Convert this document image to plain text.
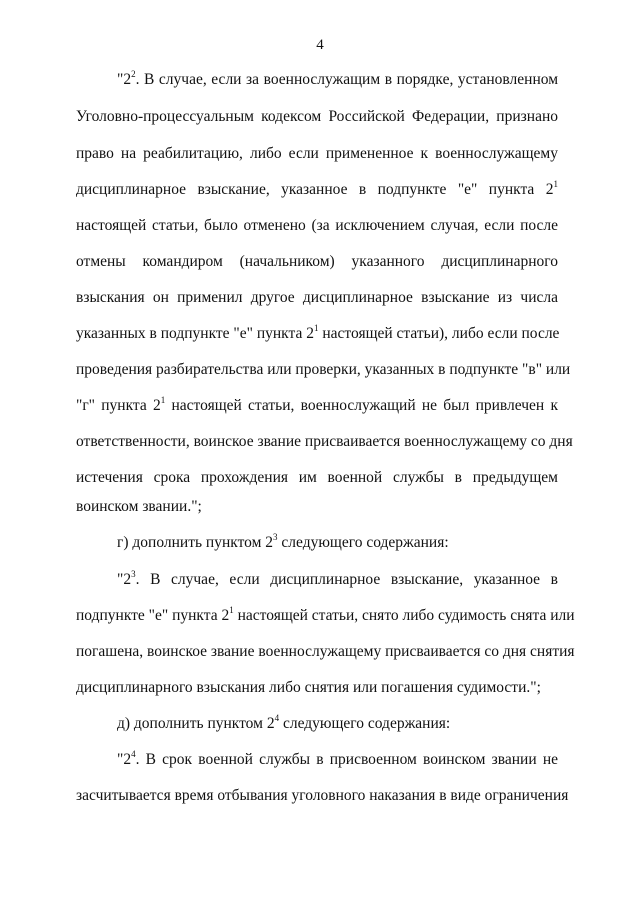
4
"$2^2$. В случае, если за военнослужащим в порядке, установленном
Уголовно-процессуальным кодексом Российской Федерации, признано
право на реабилитацию, либо если примененное к военнослужащему
дисциплинарное взыскание, указанное в подпункте "е" пункта $2^1$
настоящей статьи, было отменено (за исключением случая, если после
отмены командиром (начальником) указанного дисциплинарного
взыскания он применил другое дисциплинарное взыскание из числа
указанных в подпункте "е" пункта $2^1$ настоящей статьи), либо если после
проведения разбирательства или проверки, указанных в подпункте "в" или
"г" пункта $2^1$ настоящей статьи, военнослужащий не был привлечен к
ответственности, воинское звание присваивается военнослужащему со дня
истечения срока прохождения им военной службы в предыдущем
воинском звании.";
г) дополнить пунктом $2^3$ следующего содержания:
"$2^3$. В случае, если дисциплинарное взыскание, указанное в
подпункте "е" пункта $2^1$ настоящей статьи, снято либо судимость снята или
погашена, воинское звание военнослужащему присваивается со дня снятия
дисциплинарного взыскания либо снятия или погашения судимости.";
д) дополнить пунктом $2^4$ следующего содержания:
"$2^4$. В срок военной службы в присвоенном воинском звании не
засчитывается время отбывания уголовного наказания в виде ограничения
